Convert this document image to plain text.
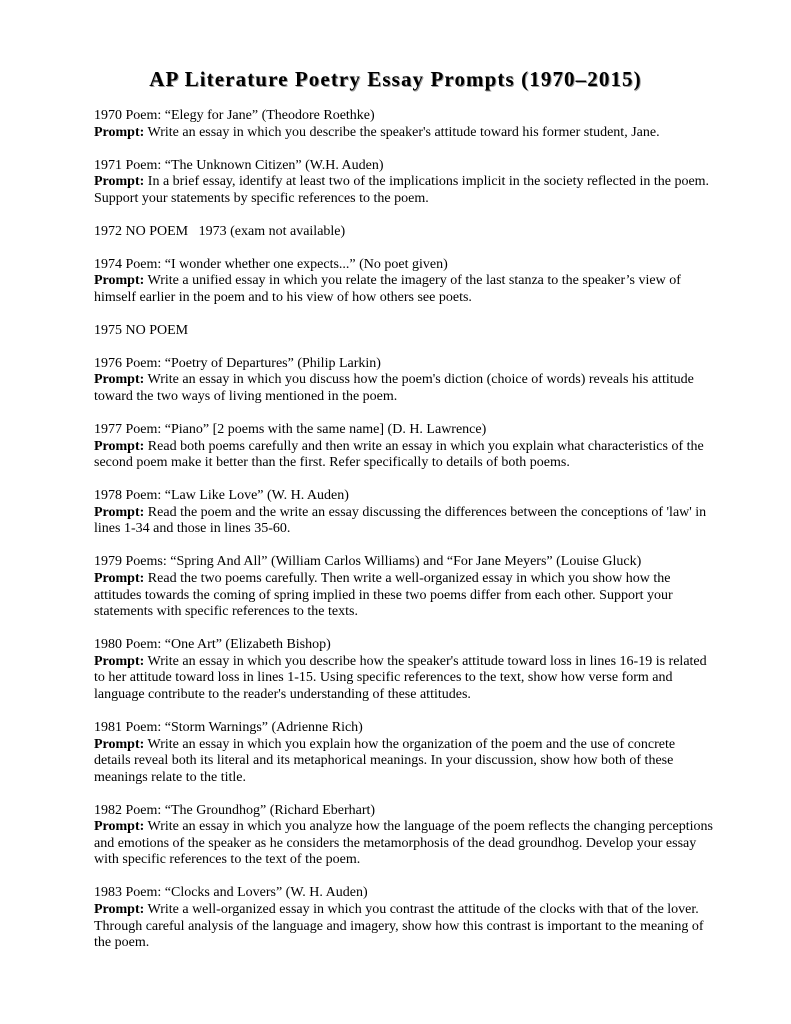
AP Literature Poetry Essay Prompts (1970–2015)

1970 Poem: “Elegy for Jane” (Theodore Roethke)

Prompt: Write an essay in which you describe the speaker's attitude toward his former student, Jane.

1971 Poem: “The Unknown Citizen” (W.H. Auden)

Prompt: In a brief essay, identify at least two of the implications implicit in the society reflected in the poem. Support your statements by specific references to the poem.

1972 NO POEM   1973 (exam not available)

1974 Poem: “I wonder whether one expects...” (No poet given)

Prompt: Write a unified essay in which you relate the imagery of the last stanza to the speaker’s view of himself earlier in the poem and to his view of how others see poets.

1975 NO POEM

1976 Poem: “Poetry of Departures” (Philip Larkin)

Prompt: Write an essay in which you discuss how the poem's diction (choice of words) reveals his attitude toward the two ways of living mentioned in the poem.

1977 Poem: “Piano” [2 poems with the same name] (D. H. Lawrence)

Prompt: Read both poems carefully and then write an essay in which you explain what characteristics of the second poem make it better than the first. Refer specifically to details of both poems.

1978 Poem: “Law Like Love” (W. H. Auden)

Prompt: Read the poem and the write an essay discussing the differences between the conceptions of 'law' in lines 1-34 and those in lines 35-60.

1979 Poems: “Spring And All” (William Carlos Williams) and “For Jane Meyers” (Louise Gluck)

Prompt: Read the two poems carefully. Then write a well-organized essay in which you show how the attitudes towards the coming of spring implied in these two poems differ from each other. Support your statements with specific references to the texts.

1980 Poem: “One Art” (Elizabeth Bishop)

Prompt: Write an essay in which you describe how the speaker's attitude toward loss in lines 16-19 is related to her attitude toward loss in lines 1-15. Using specific references to the text, show how verse form and language contribute to the reader's understanding of these attitudes.

1981 Poem: “Storm Warnings” (Adrienne Rich)

Prompt: Write an essay in which you explain how the organization of the poem and the use of concrete details reveal both its literal and its metaphorical meanings. In your discussion, show how both of these meanings relate to the title.

1982 Poem: “The Groundhog” (Richard Eberhart)

Prompt: Write an essay in which you analyze how the language of the poem reflects the changing perceptions and emotions of the speaker as he considers the metamorphosis of the dead groundhog. Develop your essay with specific references to the text of the poem.

1983 Poem: “Clocks and Lovers” (W. H. Auden)

Prompt: Write a well-organized essay in which you contrast the attitude of the clocks with that of the lover. Through careful analysis of the language and imagery, show how this contrast is important to the meaning of the poem.
